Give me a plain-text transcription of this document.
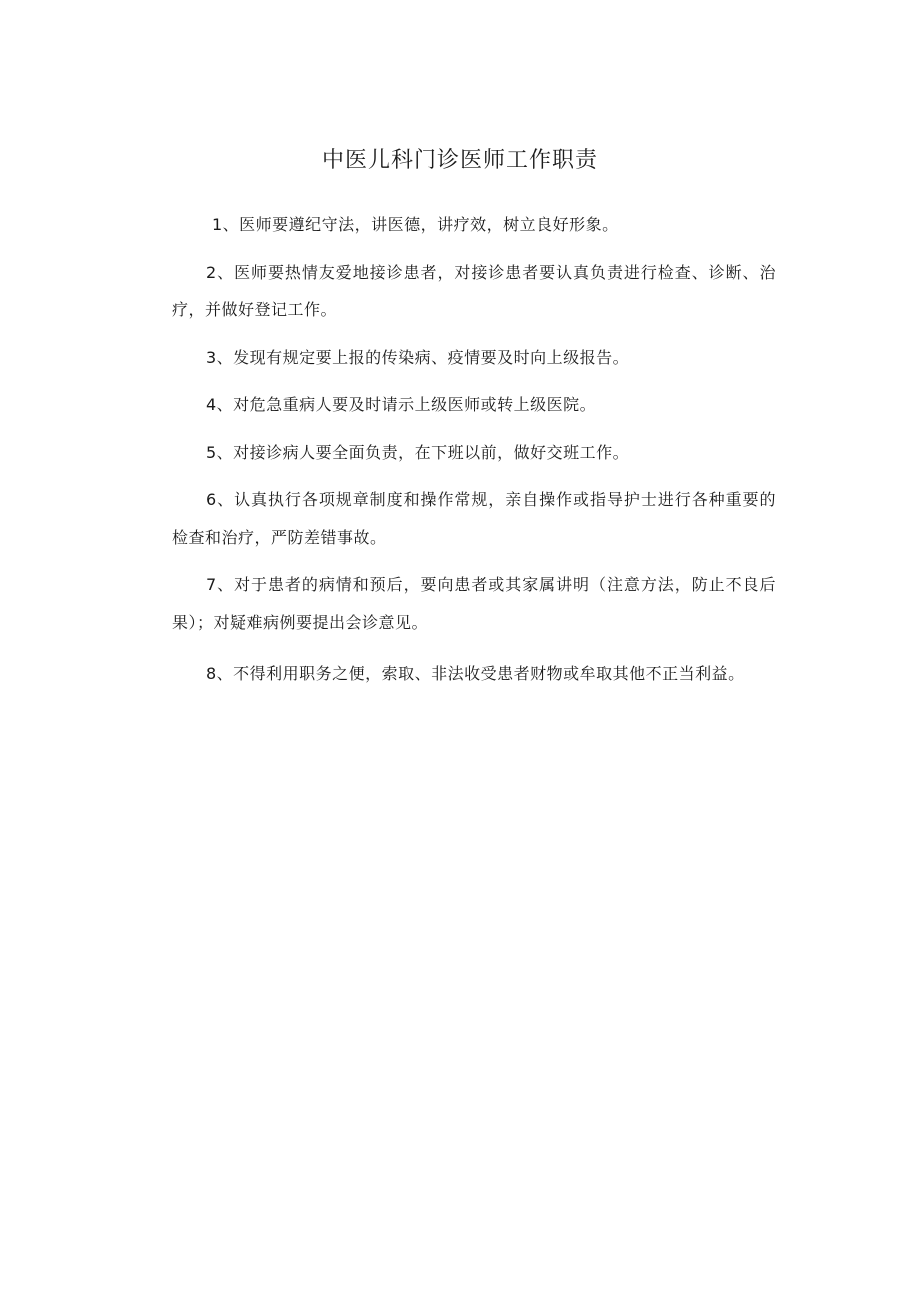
中医儿科门诊医师工作职责

1、医师要遵纪守法，讲医德，讲疗效，树立良好形象。

2、医师要热情友爱地接诊患者，对接诊患者要认真负责进行检查、诊断、治疗，并做好登记工作。

3、发现有规定要上报的传染病、疫情要及时向上级报告。

4、对危急重病人要及时请示上级医师或转上级医院。

5、对接诊病人要全面负责，在下班以前，做好交班工作。

6、认真执行各项规章制度和操作常规，亲自操作或指导护士进行各种重要的检查和治疗，严防差错事故。

7、对于患者的病情和预后，要向患者或其家属讲明（注意方法，防止不良后果）；对疑难病例要提出会诊意见。

8、不得利用职务之便，索取、非法收受患者财物或牟取其他不正当利益。
